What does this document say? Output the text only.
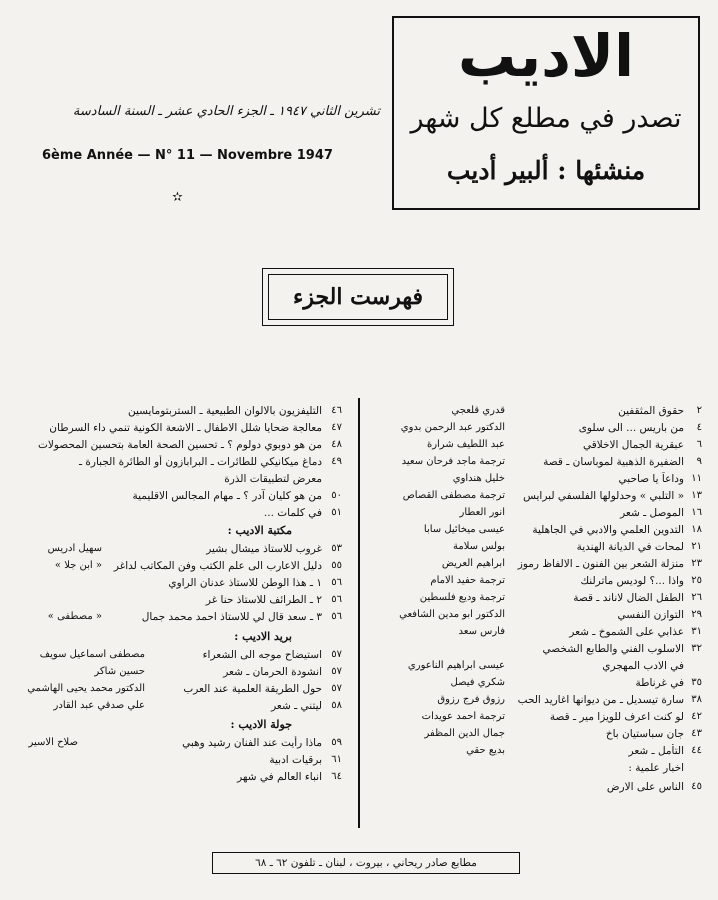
الاديب
تصدر في مطلع كل شهر
منشئها : ألبير أديب
تشرين الثاني ١٩٤٧ ـ الجزء الحادي عشر ـ السنة السادسة
6ème Année — N° 11 — Novembre 1947
✫
فهرست الجزء
٢
حقوق المثقفين
قدري قلعجي
٤
من باريس ... الى سلوى
الدكتور عبد الرحمن بدوي
٦
عبقرية الجمال الاخلاقي
عبد اللطيف شرارة
٩
الضفيرة الذهبية لموباسان ـ قصة
ترجمة ماجد فرحان سعيد
١١
وداعاً يا صاحبي
خليل هنداوي
١٣
« التلبي » وحدلولها الفلسفي لبرايس
ترجمة مصطفى القصاص
١٦
الموصل ـ شعر
انور العطار
١٨
التدوين العلمي والادبي في الجاهلية
عيسى ميخائيل سابا
٢١
لمحات في الديانة الهندية
بولس سلامة
٢٣
منزلة الشعر بين الفنون ـ الالفاظ رموز
ابراهيم العريض
٢٥
واذا ...؟ لوديس ماترلنك
ترجمة حفيد الامام
٢٦
الطفل الضال لاناند ـ قصة
ترجمة وديع فلسطين
٢٩
التوازن النفسي
الدكتور ابو مدين الشافعي
٣١
عذابي على الشموخ ـ شعر
فارس سعد
٣٢
الاسلوب الفني والطابع الشخصي
في الادب المهجري
عيسى ابراهيم الناعوري
٣٥
في غرناطة
شكري فيصل
٣٨
سارة تيسديل ـ من ديوانها اغاريد الحب
رزوق فرج رزوق
٤٢
لو كنت اعرف للويزا مير ـ قصة
ترجمة احمد عويدات
٤٣
جان سباستيان باخ
جمال الدين المظفر
٤٤
التأمل ـ شعر
بديع حقي
اخبار علمية :
٤٥
الناس على الارض
٤٦
التليفزيون بالالوان الطبيعية ـ الستربتومايسين
٤٧
معالجة ضحايا شلل الاطفال ـ الاشعة الكونية تنمي داء السرطان
٤٨
من هو دوبوي دولوم ؟ ـ تحسين الصحة العامة بتحسين المحصولات
٤٩
دماغ ميكانيكي للطائرات ـ البرابازون أو الطائرة الجبارة ـ
معرض لتطبيقات الذرة
٥٠
من هو كليان آدر ؟ ـ مهام المجالس الاقليمية
٥١
في كلمات ...
مكتبة الاديب :
٥٣
غروب للاستاذ ميشال بشير
سهيل ادريس
٥٥
دليل الاعارب الى علم الكتب وفن المكاتب لداغر
« ابن جلا »
٥٦
١ ـ هذا الوطن للاستاذ عدنان الراوي
٥٦
٢ ـ الطرائف للاستاذ حنا غر
٥٦
٣ ـ سعد قال لي للاستاذ احمد محمد جمال
« مصطفى »
بريد الاديب :
٥٧
استيضاح موجه الى الشعراء
مصطفى اسماعيل سويف
٥٧
انشودة الحرمان ـ شعر
حسين شاكر
٥٧
حول الطريقة العلمية عند العرب
الدكتور محمد يحيى الهاشمي
٥٨
ليتني ـ شعر
علي صدقي عبد القادر
جولة الاديب :
٥٩
ماذا رأيت عند الفنان رشيد وهبي
صلاح الاسير
٦١
برقيات ادبية
٦٤
انباء العالم في شهر
مطابع صادر ريحاني ، بيروت ، لبنان ـ تلفون ٦٢ ـ ٦٨
